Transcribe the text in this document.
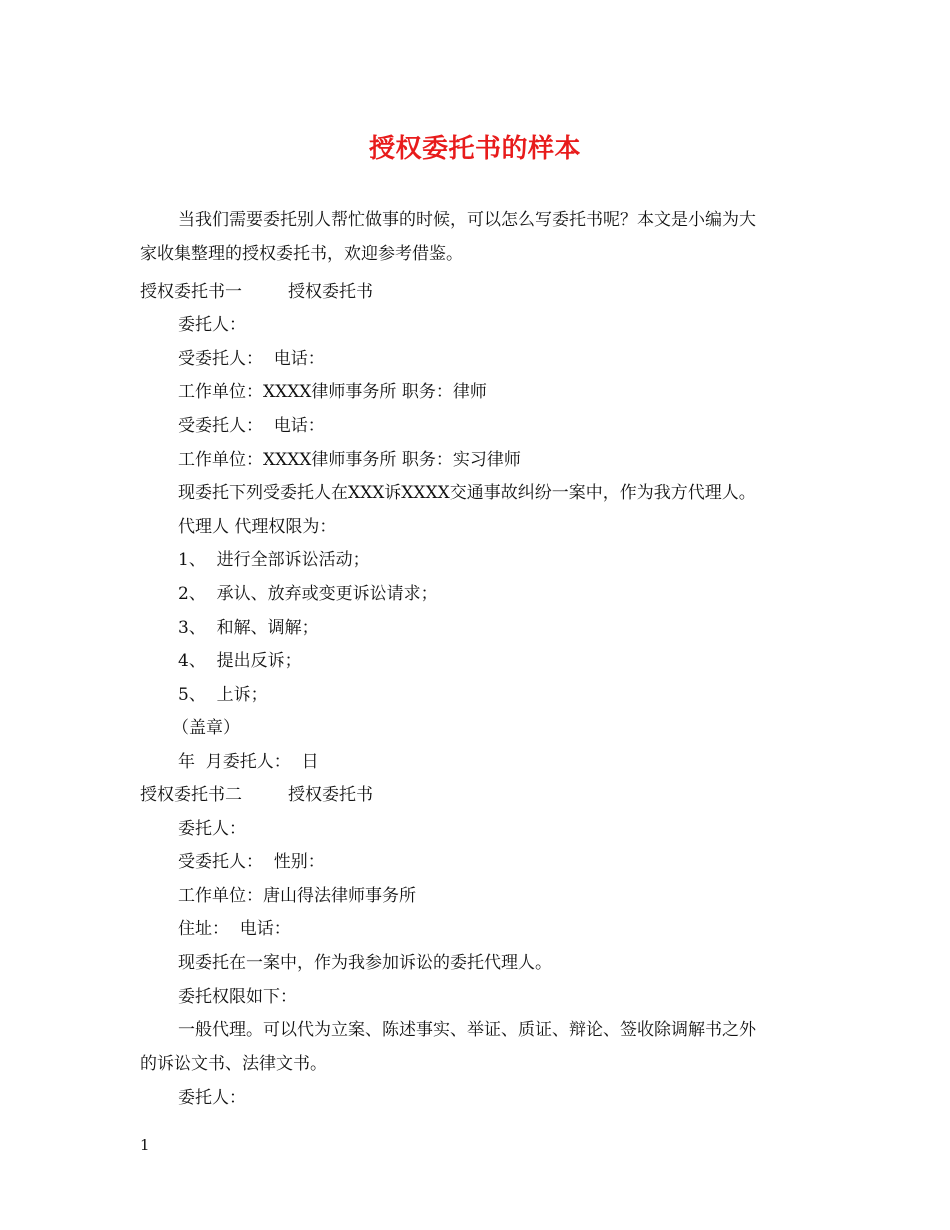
授权委托书的样本
当我们需要委托别人帮忙做事的时候，可以怎么写委托书呢？本文是小编为大
家收集整理的授权委托书，欢迎参考借鉴。
授权委托书一	授权委托书
委托人：
受委托人：  电话：
工作单位：XXXX律师事务所 职务：律师
受委托人：  电话：
工作单位：XXXX律师事务所 职务：实习律师
现委托下列受委托人在XXX诉XXXX交通事故纠纷一案中，作为我方代理人。
代理人 代理权限为：
1、  进行全部诉讼活动；
2、  承认、放弃或变更诉讼请求；
3、  和解、调解；
4、  提出反诉；
5、  上诉；
（盖章）
年  月委托人：  日
授权委托书二	授权委托书
委托人：
受委托人：  性别：
工作单位：唐山得法律师事务所
住址：  电话：
现委托在一案中，作为我参加诉讼的委托代理人。
委托权限如下：
一般代理。可以代为立案、陈述事实、举证、质证、辩论、签收除调解书之外
的诉讼文书、法律文书。
委托人：
1
